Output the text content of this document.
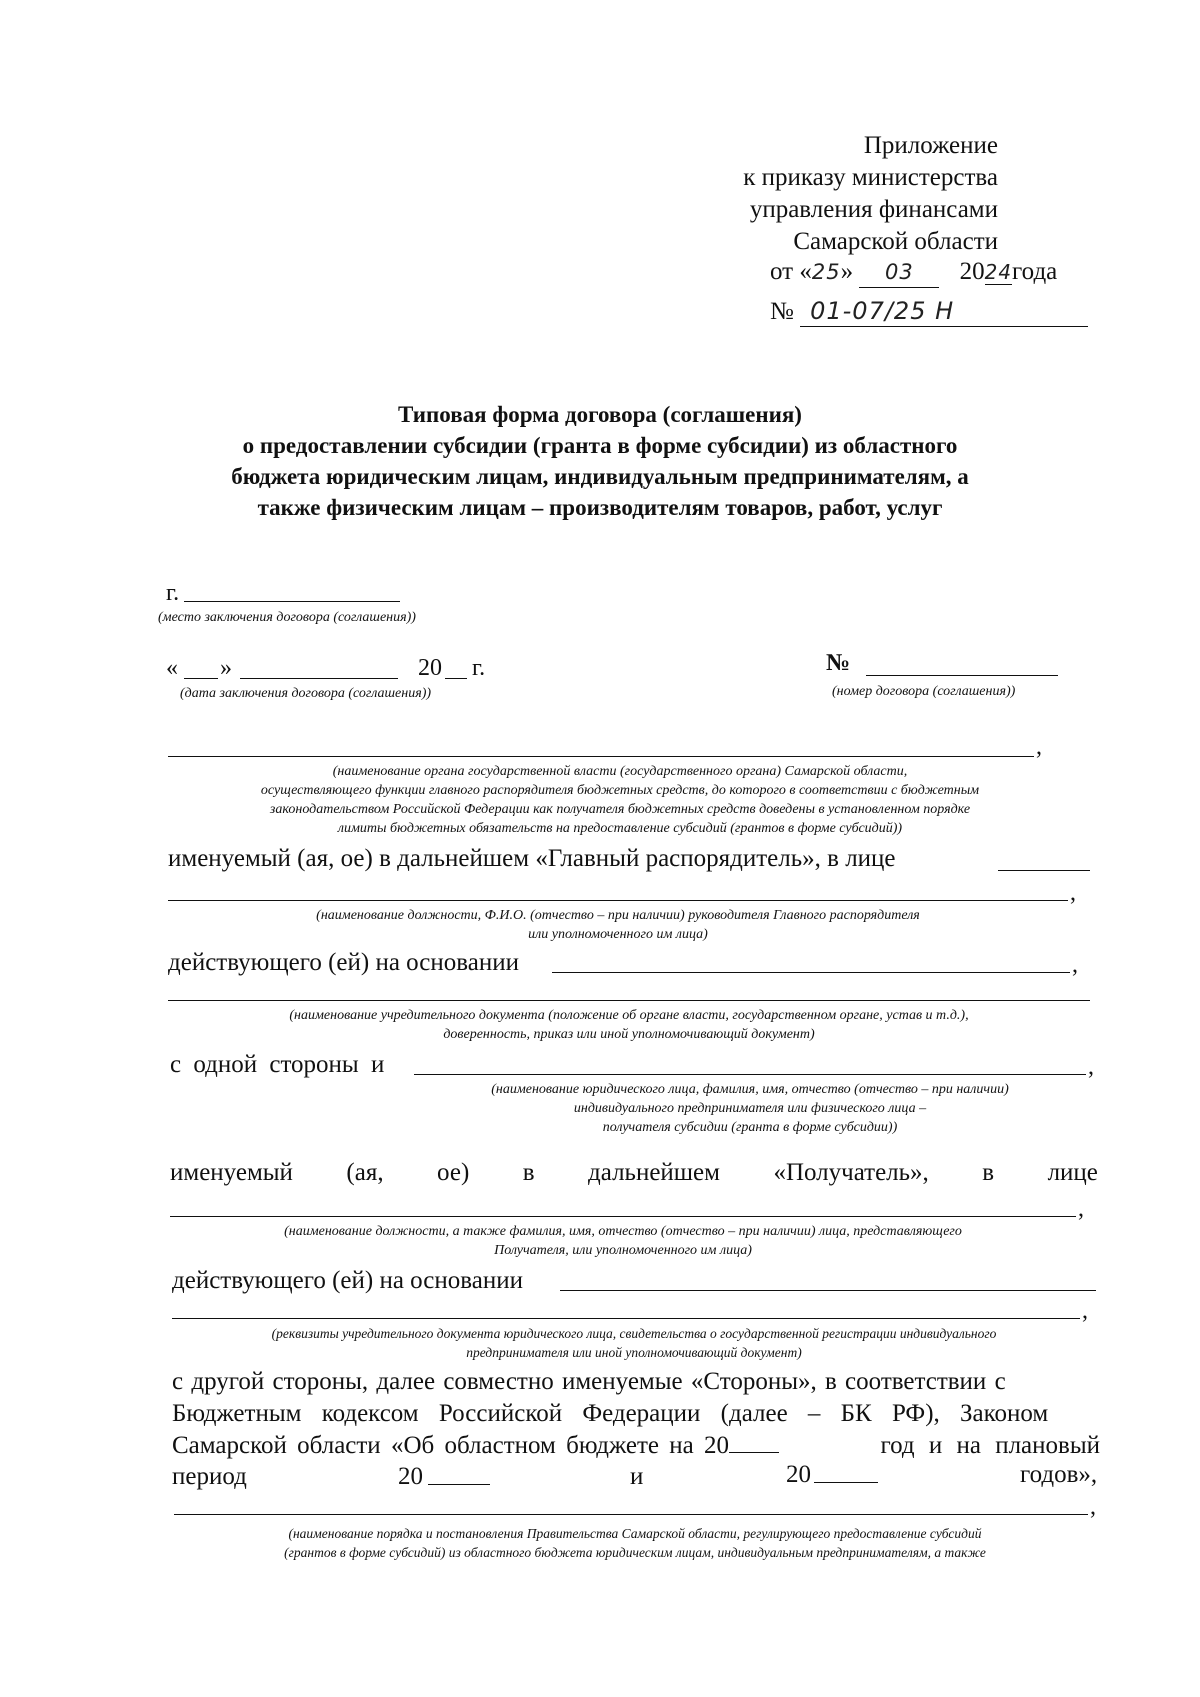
Приложение
к приказу министерства
управления финансами
Самарской области
от «25» 03 2024года
№ 01-07/25 Н
Типовая форма договора (соглашения)
о предоставлении субсидии (гранта в форме субсидии) из областного
бюджета юридическим лицам, индивидуальным предпринимателям, а
также физическим лицам – производителям товаров, работ, услуг
г.
(место заключения договора (соглашения))
« »	20 г.
(дата заключения договора (соглашения))
№
(номер договора (соглашения))
,
(наименование органа государственной власти (государственного органа) Самарской области,
осуществляющего функции главного распорядителя бюджетных средств, до которого в соответствии с бюджетным
законодательством Российской Федерации как получателя бюджетных средств доведены в установленном порядке
лимиты бюджетных обязательств на предоставление субсидий (грантов в форме субсидий))
именуемый (ая, ое) в дальнейшем «Главный распорядитель», в лице
,
(наименование должности, Ф.И.О. (отчество – при наличии) руководителя Главного распорядителя
или уполномоченного им лица)
действующего (ей) на основании	,
(наименование учредительного документа (положение об органе власти, государственном органе, устав и т.д.),
доверенность, приказ или иной уполномочивающий документ)
с одной стороны и	,
(наименование юридического лица, фамилия, имя, отчество (отчество – при наличии)
индивидуального предпринимателя или физического лица –
получателя субсидии (гранта в форме субсидии))
именуемый (ая, ое) в дальнейшем «Получатель», в лице
,
(наименование должности, а также фамилия, имя, отчество (отчество – при наличии) лица, представляющего
Получателя, или уполномоченного им лица)
действующего (ей) на основании
,
(реквизиты учредительного документа юридического лица, свидетельства о государственной регистрации индивидуального
предпринимателя или иной уполномочивающий документ)
с другой стороны, далее совместно именуемые «Стороны», в соответствии с
Бюджетным кодексом Российской Федерации (далее – БК РФ), Законом
Самарской области «Об областном бюджете на 20	год и на плановый
период	20	и	20	годов»,
,
(наименование порядка и постановления Правительства Самарской области, регулирующего предоставление субсидий
(грантов в форме субсидий) из областного бюджета юридическим лицам, индивидуальным предпринимателям, а также
